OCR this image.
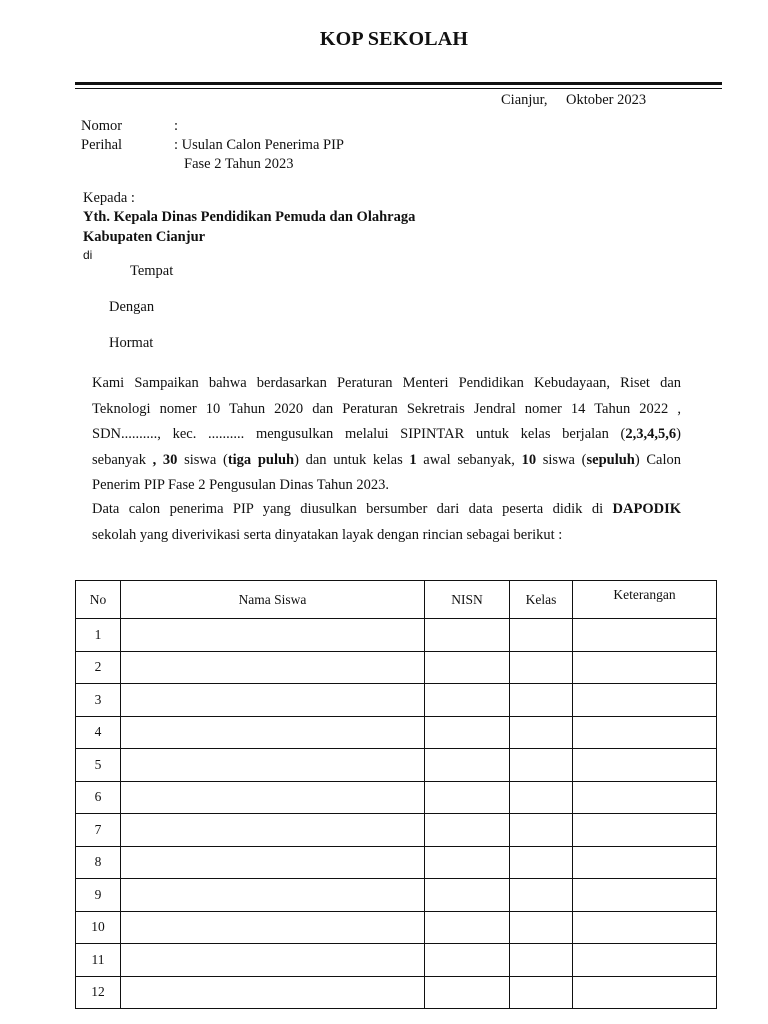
KOP SEKOLAH
Cianjur, Oktober 2023
Nomor	:
Perihal	: Usulan Calon Penerima PIP
Fase 2 Tahun 2023
Kepada :
Yth. Kepala Dinas Pendidikan Pemuda dan Olahraga
Kabupaten Cianjur
di
Tempat
Dengan
Hormat
Kami Sampaikan bahwa berdasarkan Peraturan Menteri Pendidikan Kebudayaan, Riset dan
Teknologi nomer 10 Tahun 2020 dan Peraturan Sekretrais Jendral nomer 14 Tahun 2022 ,
SDN.........., kec. .......... mengusulkan melalui SIPINTAR untuk kelas berjalan (2,3,4,5,6)
sebanyak , 30 siswa (tiga puluh) dan untuk kelas 1 awal sebanyak, 10 siswa (sepuluh) Calon
Penerim PIP Fase 2 Pengusulan Dinas Tahun 2023.
Data calon penerima PIP yang diusulkan bersumber dari data peserta didik di DAPODIK
sekolah yang diverivikasi serta dinyatakan layak dengan rincian sebagai berikut :
No	Nama Siswa	NISN	Kelas	Keterangan
1				
2				
3				
4				
5				
6				
7				
8				
9				
10				
11				
12				
